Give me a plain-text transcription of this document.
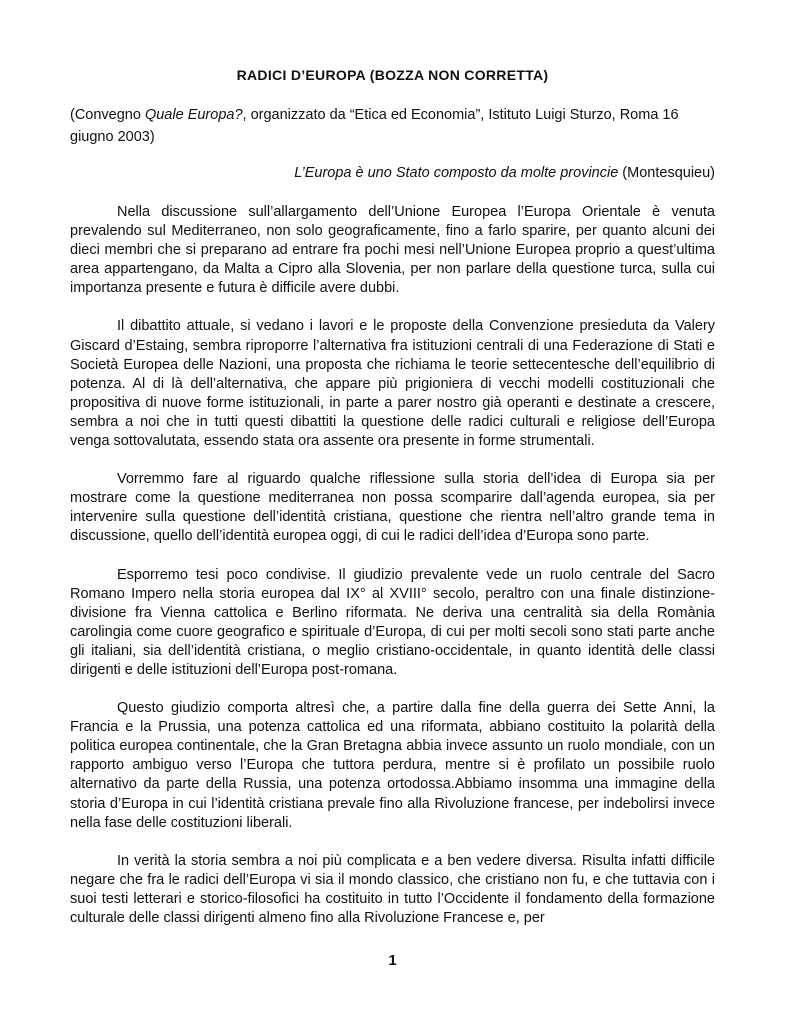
RADICI D’EUROPA (BOZZA NON CORRETTA)
(Convegno Quale Europa?, organizzato da “Etica ed Economia”, Istituto Luigi Sturzo, Roma 16 giugno 2003)
L’Europa è uno Stato composto da molte provincie (Montesquieu)

Nella discussione sull’allargamento dell’Unione Europea l’Europa Orientale è venuta prevalendo sul Mediterraneo, non solo geograficamente, fino a farlo sparire, per quanto alcuni dei dieci membri che si preparano ad entrare fra pochi mesi nell’Unione Europea proprio a quest’ultima area appartengano, da Malta a Cipro alla Slovenia, per non parlare della questione turca, sulla cui importanza presente e futura è difficile avere dubbi.

Il dibattito attuale, si vedano i lavori e le proposte della Convenzione presieduta da Valery Giscard d’Estaing, sembra riproporre l’alternativa fra istituzioni centrali di una Federazione di Stati e Società Europea delle Nazioni, una proposta che richiama le teorie settecentesche dell’equilibrio di potenza. Al di là dell’alternativa, che appare più prigioniera di vecchi modelli costituzionali che propositiva di nuove forme istituzionali, in parte a parer nostro già operanti e destinate a crescere, sembra a noi che in tutti questi dibattiti la questione delle radici culturali e religiose dell’Europa venga sottovalutata, essendo stata ora assente ora presente in forme strumentali.

Vorremmo fare al riguardo qualche riflessione sulla storia dell’idea di Europa sia per mostrare come la questione mediterranea non possa scomparire dall’agenda europea, sia per intervenire sulla questione dell’identità cristiana, questione che rientra nell’altro grande tema in discussione, quello dell’identità europea oggi, di cui le radici dell’idea d’Europa sono parte.

Esporremo tesi poco condivise. Il giudizio prevalente vede un ruolo centrale del Sacro Romano Impero nella storia europea dal IX° al XVIII° secolo, peraltro con una finale distinzione-divisione fra Vienna cattolica e Berlino riformata. Ne deriva una centralità sia della Romània carolingia come cuore geografico e spirituale d’Europa, di cui per molti secoli sono stati parte anche gli italiani, sia dell’identità cristiana, o meglio cristiano-occidentale, in quanto identità delle classi dirigenti e delle istituzioni dell’Europa post-romana.

Questo giudizio comporta altresì che, a partire dalla fine della guerra dei Sette Anni, la Francia e la Prussia, una potenza cattolica ed una riformata, abbiano costituito la polarità della politica europea continentale, che la Gran Bretagna abbia invece assunto un ruolo mondiale, con un rapporto ambiguo verso l’Europa che tuttora perdura, mentre si è profilato un possibile ruolo alternativo da parte della Russia, una potenza ortodossa.Abbiamo insomma una immagine della storia d’Europa in cui l’identità cristiana prevale fino alla Rivoluzione francese, per indebolirsi invece nella fase delle costituzioni liberali.

In verità la storia sembra a noi più complicata e a ben vedere diversa. Risulta infatti difficile negare che fra le radici dell’Europa vi sia il mondo classico, che cristiano non fu, e che tuttavia con i suoi testi letterari e storico-filosofici ha costituito in tutto l’Occidente il fondamento della formazione culturale delle classi dirigenti almeno fino alla Rivoluzione Francese e, per

1
